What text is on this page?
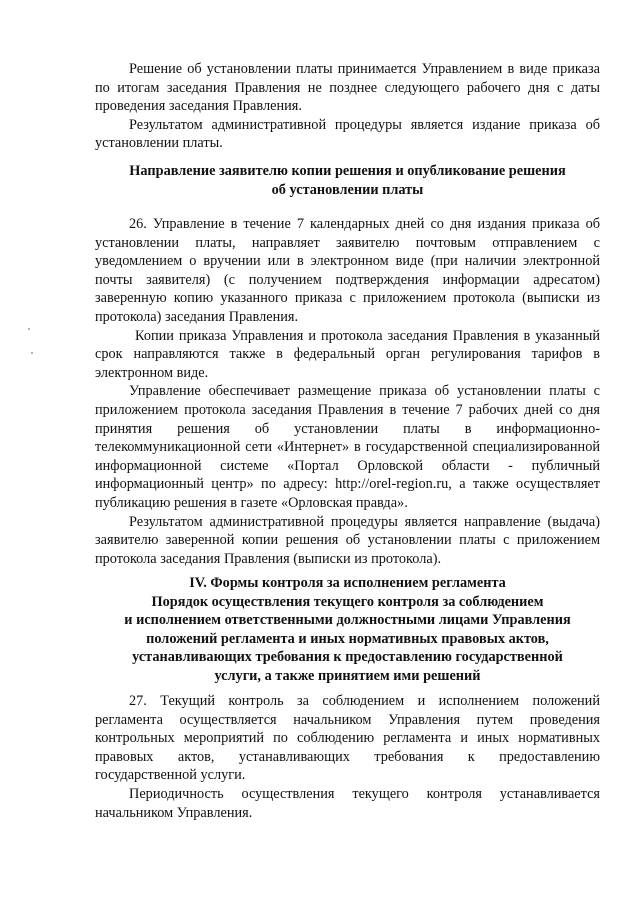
Решение об установлении платы принимается Управлением в виде приказа по итогам заседания Правления не позднее следующего рабочего дня с даты проведения заседания Правления.

Результатом административной процедуры является издание приказа об установлении платы.

Направление заявителю копии решения и опубликование решения
об установлении платы

26. Управление в течение 7 календарных дней со дня издания приказа об установлении платы, направляет заявителю почтовым отправлением с уведомлением о вручении или в электронном виде (при наличии электронной почты заявителя) (с получением подтверждения информации адресатом) заверенную копию указанного приказа с приложением протокола (выписки из протокола) заседания Правления.

Копии приказа Управления и протокола заседания Правления в указанный срок направляются также в федеральный орган регулирования тарифов в электронном виде.

Управление обеспечивает размещение приказа об установлении платы с приложением протокола заседания Правления в течение 7 рабочих дней со дня принятия решения об установлении платы в информационно-телекоммуникационной сети «Интернет» в государственной специализированной информационной системе «Портал Орловской области - публичный информационный центр» по адресу: http://orel-region.ru, а также осуществляет публикацию решения в газете «Орловская правда».

Результатом административной процедуры является направление (выдача) заявителю заверенной копии решения об установлении платы с приложением протокола заседания Правления (выписки из протокола).

IV. Формы контроля за исполнением регламента
Порядок осуществления текущего контроля за соблюдением
и исполнением ответственными должностными лицами Управления
положений регламента и иных нормативных правовых актов,
устанавливающих требования к предоставлению государственной
услуги, а также принятием ими решений

27. Текущий контроль за соблюдением и исполнением положений регламента осуществляется начальником Управления путем проведения контрольных мероприятий по соблюдению регламента и иных нормативных правовых актов, устанавливающих требования к предоставлению государственной услуги.

Периодичность осуществления текущего контроля устанавливается начальником Управления.
